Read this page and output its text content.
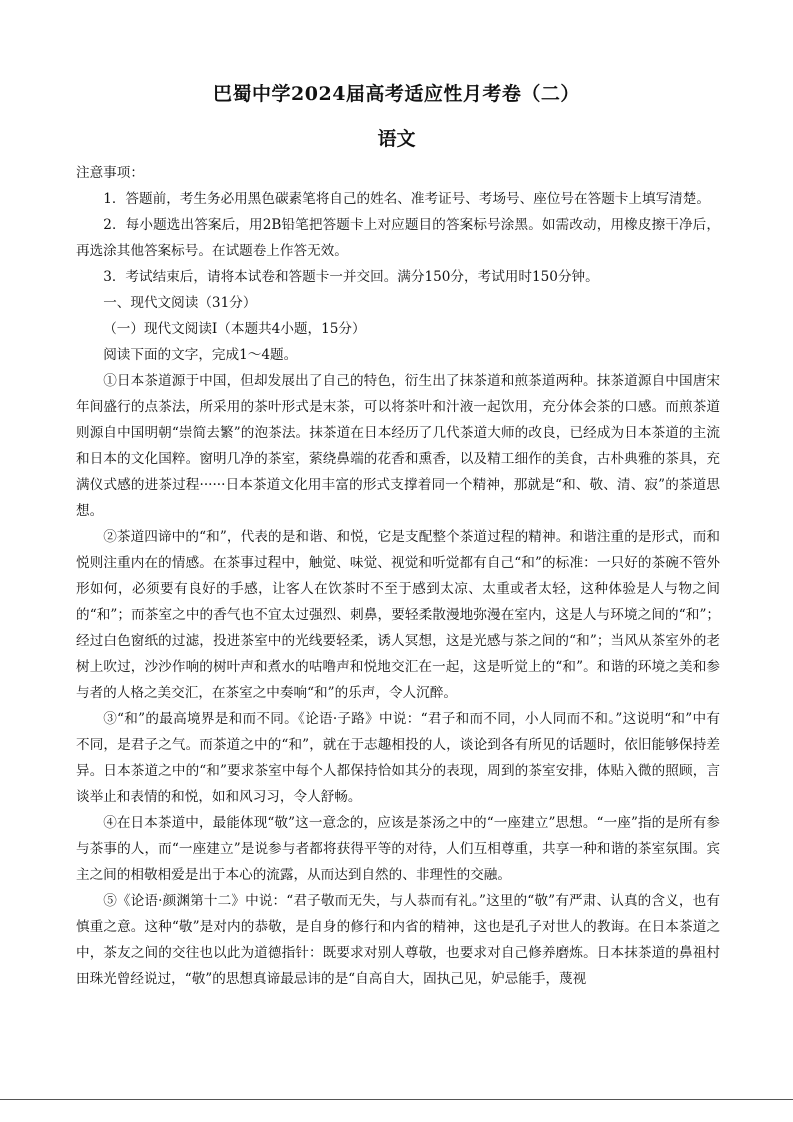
巴蜀中学2024届高考适应性月考卷（二）
语文

注意事项：

1．答题前，考生务必用黑色碳素笔将自己的姓名、准考证号、考场号、座位号在答题卡上填写清楚。

2．每小题选出答案后，用2B铅笔把答题卡上对应题目的答案标号涂黑。如需改动，用橡皮擦干净后，再选涂其他答案标号。在试题卷上作答无效。

3．考试结束后，请将本试卷和答题卡一并交回。满分150分，考试用时150分钟。

一、现代文阅读（31分）

（一）现代文阅读Ⅰ（本题共4小题，15分）

阅读下面的文字，完成1～4题。

①日本茶道源于中国，但却发展出了自己的特色，衍生出了抹茶道和煎茶道两种。抹茶道源自中国唐宋年间盛行的点茶法，所采用的茶叶形式是末茶，可以将茶叶和汁液一起饮用，充分体会茶的口感。而煎茶道则源自中国明朝“崇简去繁”的泡茶法。抹茶道在日本经历了几代茶道大师的改良，已经成为日本茶道的主流和日本的文化国粹。窗明几净的茶室，萦绕鼻端的花香和熏香，以及精工细作的美食，古朴典雅的茶具，充满仪式感的进茶过程······日本茶道文化用丰富的形式支撑着同一个精神，那就是“和、敬、清、寂”的茶道思想。

②茶道四谛中的“和”，代表的是和谐、和悦，它是支配整个茶道过程的精神。和谐注重的是形式，而和悦则注重内在的情感。在茶事过程中，触觉、味觉、视觉和听觉都有自己“和”的标准：一只好的茶碗不管外形如何，必须要有良好的手感，让客人在饮茶时不至于感到太凉、太重或者太轻，这种体验是人与物之间的“和”；而茶室之中的香气也不宜太过强烈、刺鼻，要轻柔散漫地弥漫在室内，这是人与环境之间的“和”；经过白色窗纸的过滤，投进茶室中的光线要轻柔，诱人冥想，这是光感与茶之间的“和”；当风从茶室外的老树上吹过，沙沙作响的树叶声和煮水的咕噜声和悦地交汇在一起，这是听觉上的“和”。和谐的环境之美和参与者的人格之美交汇，在茶室之中奏响“和”的乐声，令人沉醉。

③“和”的最高境界是和而不同。《论语·子路》中说：“君子和而不同，小人同而不和。”这说明“和”中有不同，是君子之气。而茶道之中的“和”，就在于志趣相投的人，谈论到各有所见的话题时，依旧能够保持差异。日本茶道之中的“和”要求茶室中每个人都保持恰如其分的表现，周到的茶室安排，体贴入微的照顾，言谈举止和表情的和悦，如和风习习，令人舒畅。

④在日本茶道中，最能体现“敬”这一意念的，应该是茶汤之中的“一座建立”思想。“一座”指的是所有参与茶事的人，而“一座建立”是说参与者都将获得平等的对待，人们互相尊重，共享一种和谐的茶室氛围。宾主之间的相敬相爱是出于本心的流露，从而达到自然的、非理性的交融。

⑤《论语·颜渊第十二》中说：“君子敬而无失，与人恭而有礼。”这里的“敬”有严肃、认真的含义，也有慎重之意。这种“敬”是对内的恭敬，是自身的修行和内省的精神，这也是孔子对世人的教诲。在日本茶道之中，茶友之间的交往也以此为道德指针：既要求对别人尊敬，也要求对自己修养磨炼。日本抹茶道的鼻祖村田珠光曾经说过，“敬”的思想真谛最忌讳的是“自高自大，固执己见，妒忌能手，蔑视
